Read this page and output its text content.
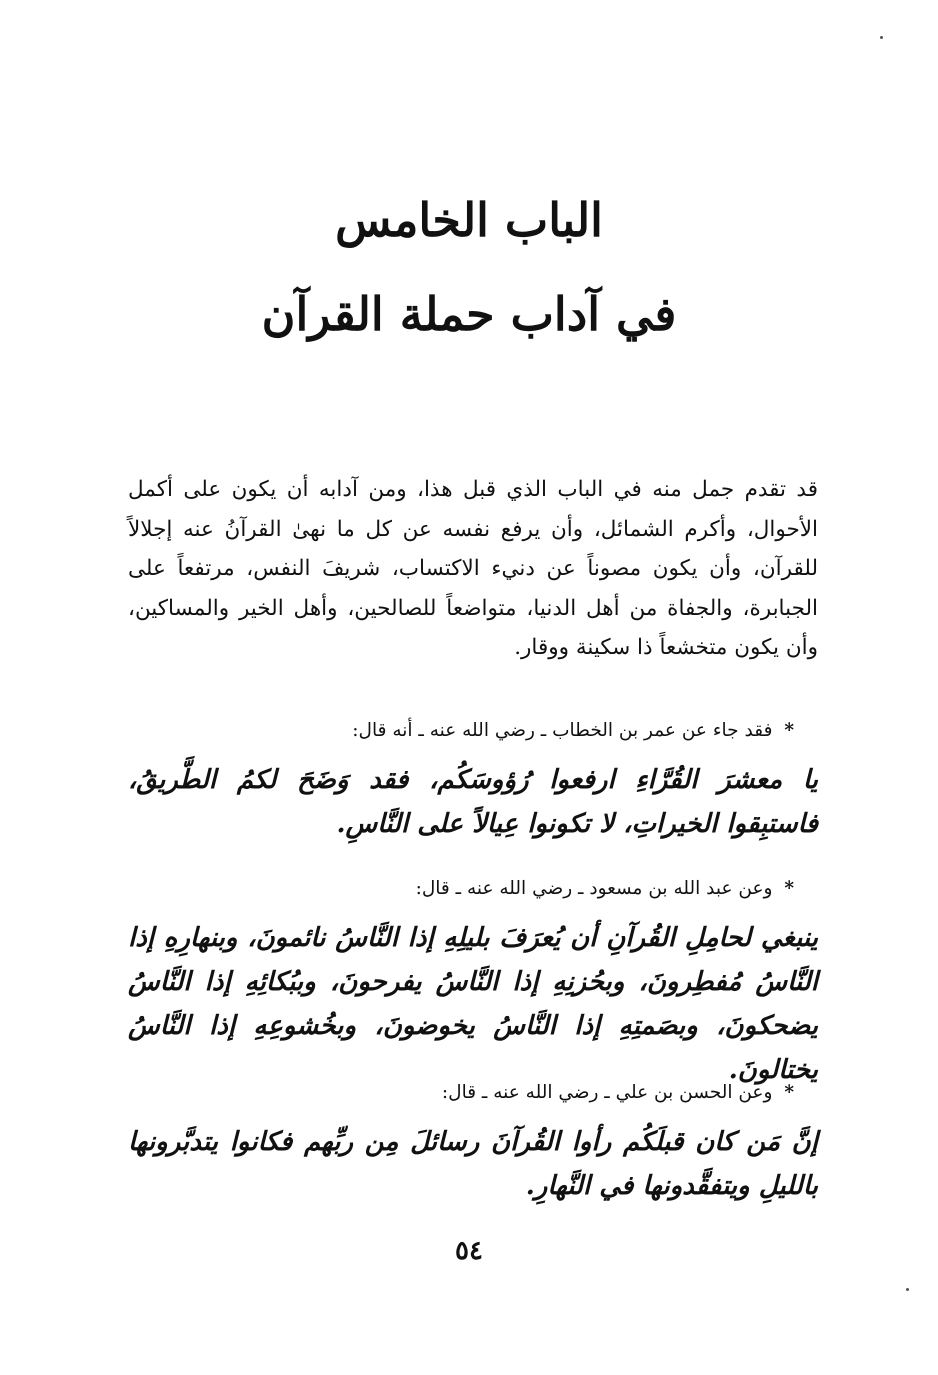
الباب الخامس
في آداب حملة القرآن

قد تقدم جمل منه في الباب الذي قبل هذا، ومن آدابه أن يكون على أكمل الأحوال، وأكرم الشمائل، وأن يرفع نفسه عن كل ما نهىٰ القرآنُ عنه إجلالاً للقرآن، وأن يكون مصوناً عن دنيء الاكتساب، شريفَ النفس، مرتفعاً على الجبابرة، والجفاة من أهل الدنيا، متواضعاً للصالحين، وأهل الخير والمساكين، وأن يكون متخشعاً ذا سكينة ووقار.

* فقد جاء عن عمر بن الخطاب ـ رضي الله عنه ـ أنه قال:
يا معشرَ القُرَّاءِ ارفعوا رُؤوسَكُم، فقد وَضَحَ لكمُ الطَّريقُ، فاستبِقوا الخيراتِ، لا تكونوا عِيالاً على النَّاسِ.
* وعن عبد الله بن مسعود ـ رضي الله عنه ـ قال:
ينبغي لحامِلِ القُرآنِ أن يُعرَفَ بليلِهِ إذا النَّاسُ نائمونَ، وبنهارِهِ إذا النَّاسُ مُفطِرونَ، وبحُزنِهِ إذا النَّاسُ يفرحونَ، وببُكائِهِ إذا النَّاسُ يضحكونَ، وبصَمتِهِ إذا النَّاسُ يخوضونَ، وبخُشوعِهِ إذا النَّاسُ يختالونَ.
* وعن الحسن بن علي ـ رضي الله عنه ـ قال:
إنَّ مَن كان قبلَكُم رأوا القُرآنَ رسائلَ مِن ربِّهم فكانوا يتدبَّرونها بالليلِ ويتفقَّدونها في النَّهارِ.
٥٤
